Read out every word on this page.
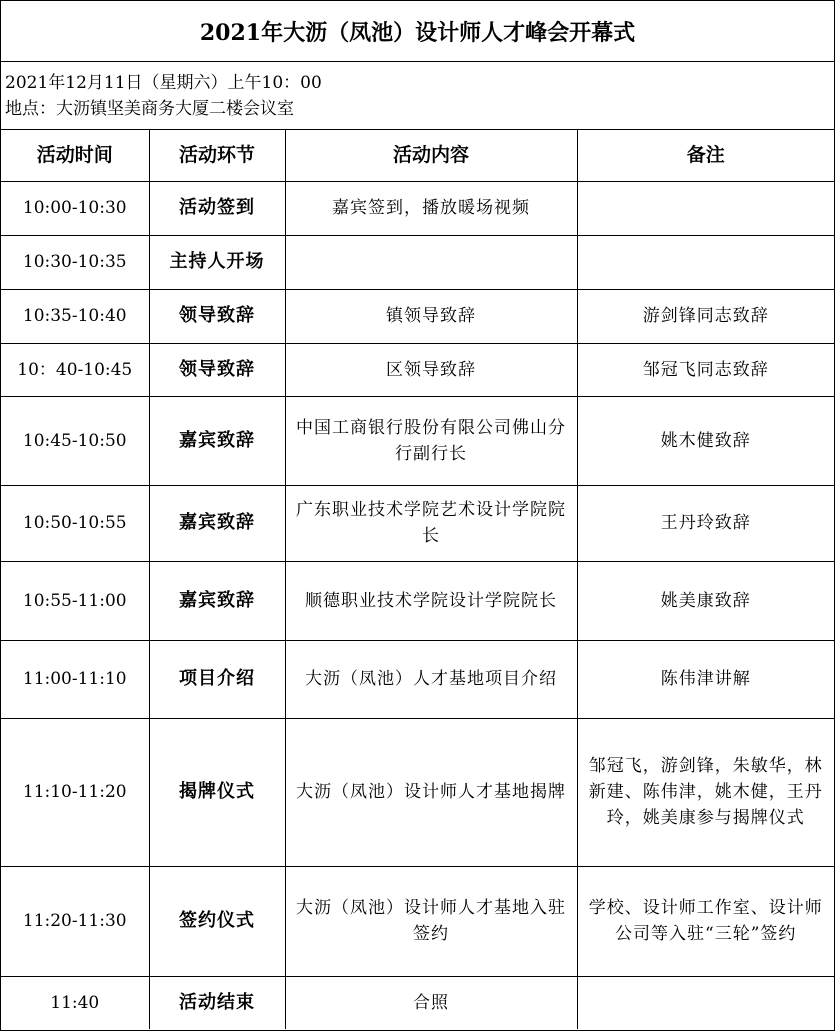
2021年大沥（凤池）设计师人才峰会开幕式
2021年12月11日（星期六）上午10：00
地点：大沥镇坚美商务大厦二楼会议室
活动时间	活动环节	活动内容	备注
10:00-10:30	活动签到	嘉宾签到，播放暖场视频	
10:30-10:35	主持人开场		
10:35-10:40	领导致辞	镇领导致辞	游剑锋同志致辞
10：40-10:45	领导致辞	区领导致辞	邹冠飞同志致辞
10:45-10:50	嘉宾致辞	中国工商银行股份有限公司佛山分行副行长	姚木健致辞
10:50-10:55	嘉宾致辞	广东职业技术学院艺术设计学院院长	王丹玲致辞
10:55-11:00	嘉宾致辞	顺德职业技术学院设计学院院长	姚美康致辞
11:00-11:10	项目介绍	大沥（凤池）人才基地项目介绍	陈伟津讲解
11:10-11:20	揭牌仪式	大沥（凤池）设计师人才基地揭牌	邹冠飞，游剑锋，朱敏华，林新建、陈伟津，姚木健，王丹玲，姚美康参与揭牌仪式
11:20-11:30	签约仪式	大沥（凤池）设计师人才基地入驻签约	学校、设计师工作室、设计师公司等入驻“三轮”签约
11:40	活动结束	合照	
